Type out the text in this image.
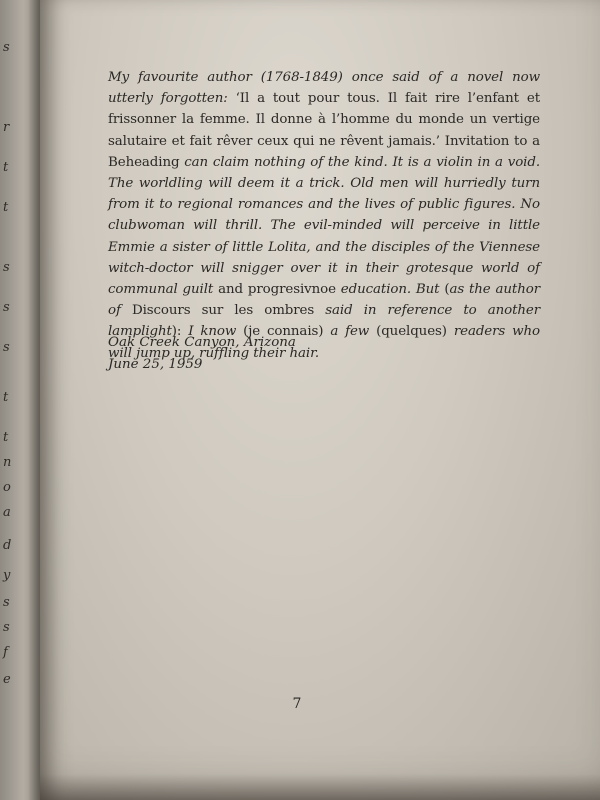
s
r
t
t
s
s
s
t
t
n
o
a
d
y
s
s
f
e

My favourite author (1768-1849) once said of a novel now utterly forgotten: ‘Il a tout pour tous. Il fait rire l’enfant et frissonner la femme. Il donne à l’homme du monde un vertige salutaire et fait rêver ceux qui ne rêvent jamais.’ Invitation to a Beheading can claim nothing of the kind. It is a violin in a void. The worldling will deem it a trick. Old men will hurriedly turn from it to regional romances and the lives of public figures. No clubwoman will thrill. The evil-minded will perceive in little Emmie a sister of little Lolita, and the disciples of the Viennese witch-doctor will snigger over it in their grotesque world of communal guilt and progresivnoe education. But (as the author of Discours sur les ombres said in reference to another lamplight): I know (je connais) a few (quelques) readers who will jump up, ruffling their hair.

Oak Creek Canyon, Arizona
June 25, 1959
7
